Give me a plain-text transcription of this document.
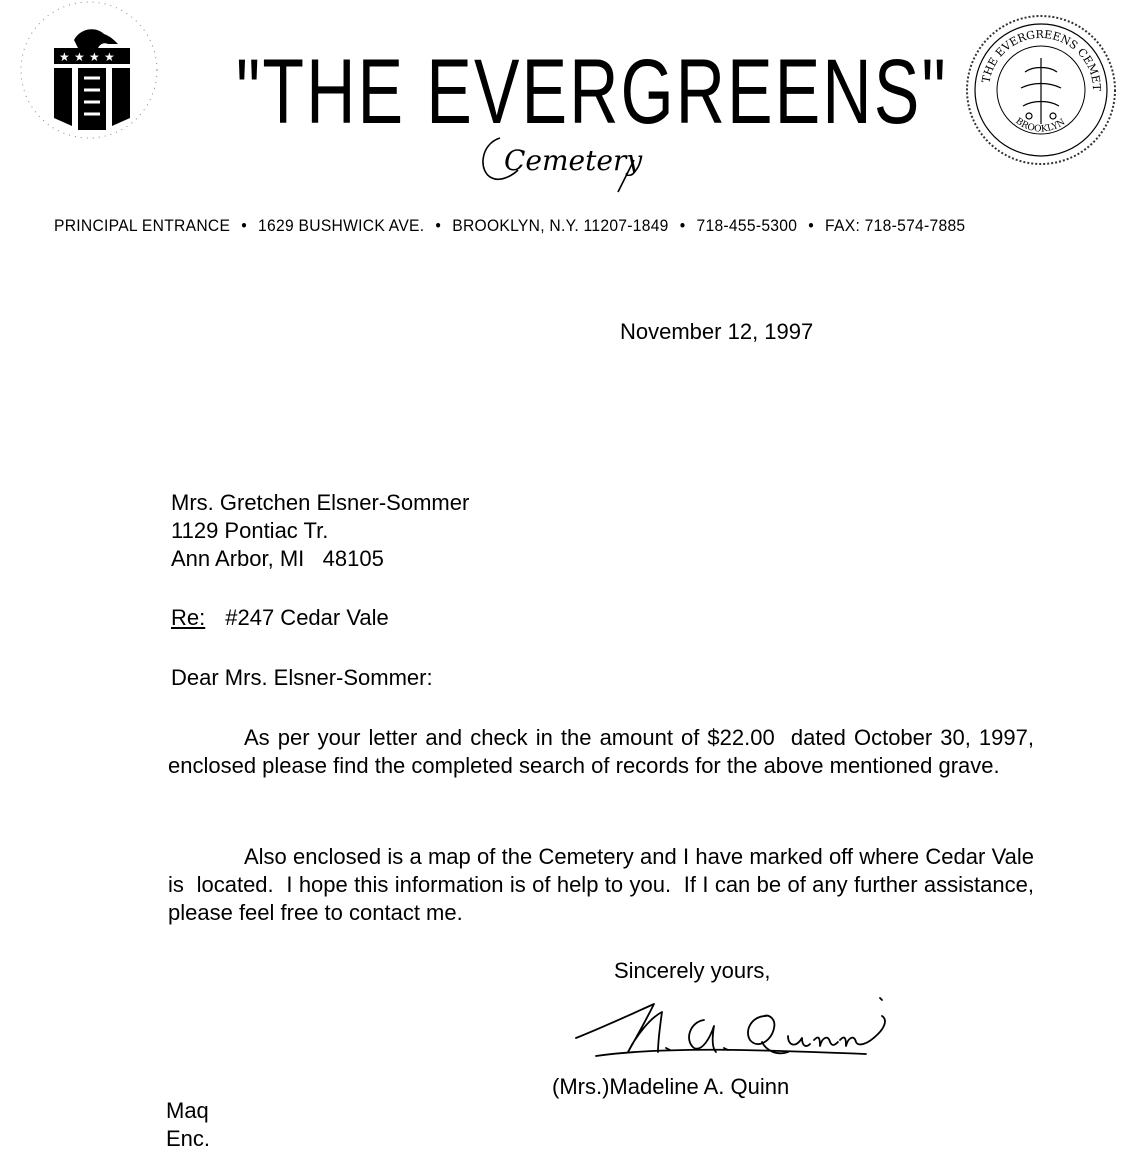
★ ★ ★ ★ "THE EVERGREENS"
Cemetery
THE EVERGREENS CEMET
BROOKLYN
PRINCIPAL ENTRANCE • 1629 BUSHWICK AVE. • BROOKLYN, N.Y. 11207-1849 • 718-455-5300 • FAX: 718-574-7885
November 12, 1997
Mrs. Gretchen Elsner-Sommer
1129 Pontiac Tr.
Ann Arbor, MI   48105
Re: #247 Cedar Vale
Dear Mrs. Elsner-Sommer:
As per your letter and check in the amount of $22.00  dated October 30, 1997, enclosed please find the completed search of records for the above mentioned grave.
Also enclosed is a map of the Cemetery and I have marked off where Cedar Vale is  located.  I hope this information is of help to you.  If I can be of any further assistance, please feel free to contact me.
Sincerely yours,
(Mrs.)Madeline A. Quinn
Maq
Enc.
